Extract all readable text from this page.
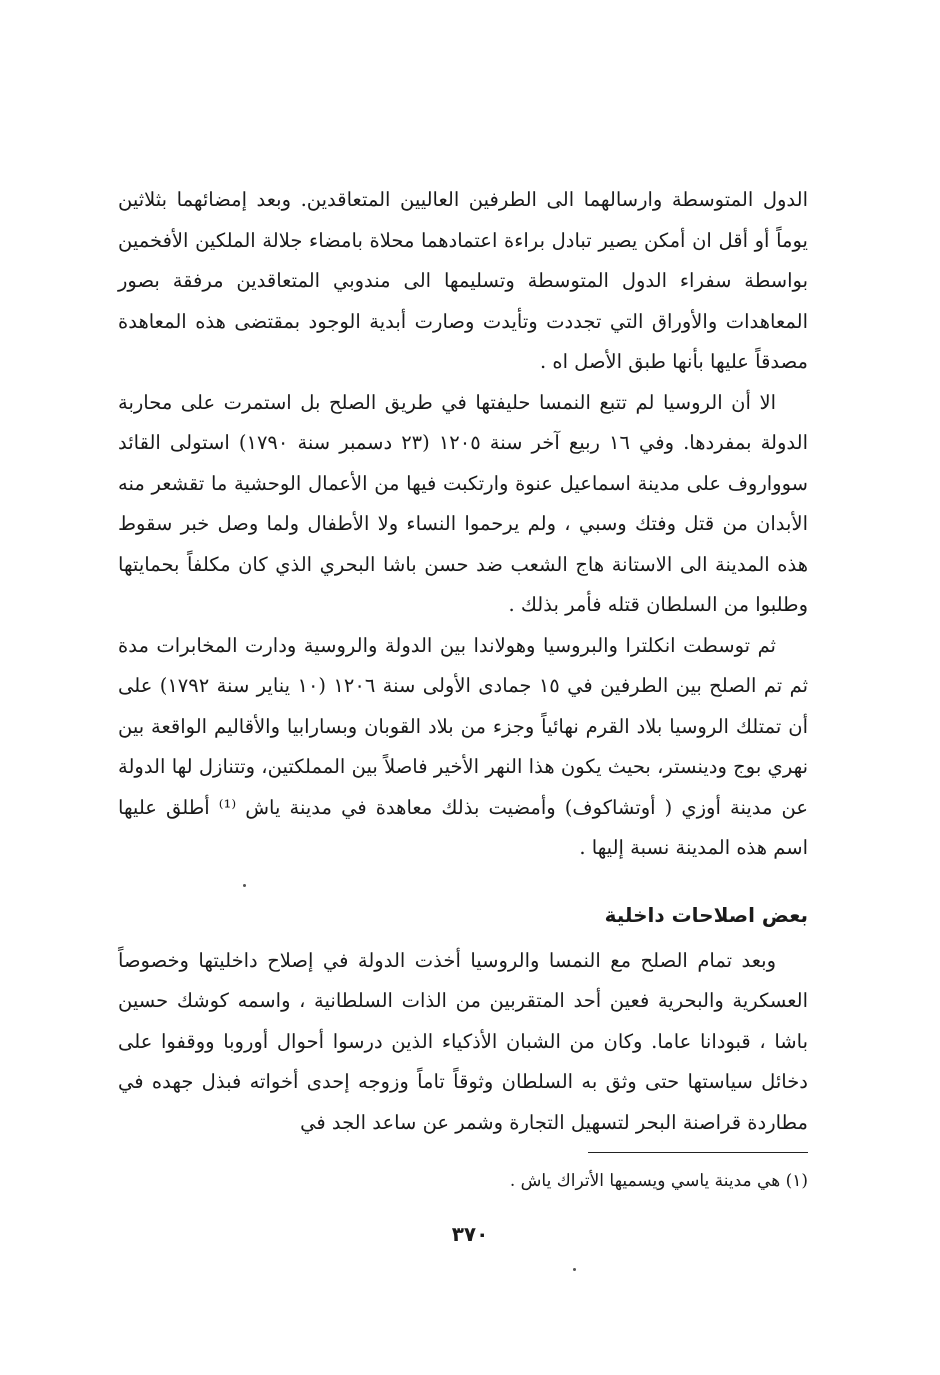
الدول المتوسطة وارسالهما الى الطرفين العاليين المتعاقدين. وبعد إمضائهما بثلاثين يوماً أو أقل ان أمكن يصير تبادل براءة اعتمادهما محلاة بامضاء جلالة الملكين الأفخمين بواسطة سفراء الدول المتوسطة وتسليمها الى مندوبي المتعاقدين مرفقة بصور المعاهدات والأوراق التي تجددت وتأيدت وصارت أبدية الوجود بمقتضى هذه المعاهدة مصدقاً عليها بأنها طبق الأصل اه .

الا أن الروسيا لم تتبع النمسا حليفتها في طريق الصلح بل استمرت على محاربة الدولة بمفردها. وفي ١٦ ربيع آخر سنة ١٢٠٥ (٢٣ دسمبر سنة ١٧٩٠) استولى القائد سوواروف على مدينة اسماعيل عنوة وارتكبت فيها من الأعمال الوحشية ما تقشعر منه الأبدان من قتل وفتك وسبي ، ولم يرحموا النساء ولا الأطفال ولما وصل خبر سقوط هذه المدينة الى الاستانة هاج الشعب ضد حسن باشا البحري الذي كان مكلفاً بحمايتها وطلبوا من السلطان قتله فأمر بذلك .

ثم توسطت انكلترا والبروسيا وهولاندا بين الدولة والروسية ودارت المخابرات مدة ثم تم الصلح بين الطرفين في ١٥ جمادى الأولى سنة ١٢٠٦ (١٠ يناير سنة ١٧٩٢) على أن تمتلك الروسيا بلاد القرم نهائياً وجزء من بلاد القوبان وبسارابيا والأقاليم الواقعة بين نهري بوج ودينستر، بحيث يكون هذا النهر الأخير فاصلاً بين المملكتين، وتتنازل لها الدولة عن مدينة أوزي ( أوتشاكوف) وأمضيت بذلك معاهدة في مدينة ياش ⁽¹⁾ أطلق عليها اسم هذه المدينة نسبة إليها .

بعض اصلاحات داخلية

وبعد تمام الصلح مع النمسا والروسيا أخذت الدولة في إصلاح داخليتها وخصوصاً العسكرية والبحرية فعين أحد المتقربين من الذات السلطانية ، واسمه كوشك حسين باشا ، قبودانا عاما. وكان من الشبان الأذكياء الذين درسوا أحوال أوروبا ووقفوا على دخائل سياستها حتى وثق به السلطان وثوقاً تاماً وزوجه إحدى أخواته فبذل جهده في مطاردة قراصنة البحر لتسهيل التجارة وشمر عن ساعد الجد في

(١) هي مدينة ياسي ويسميها الأتراك ياش .
٣٧٠
